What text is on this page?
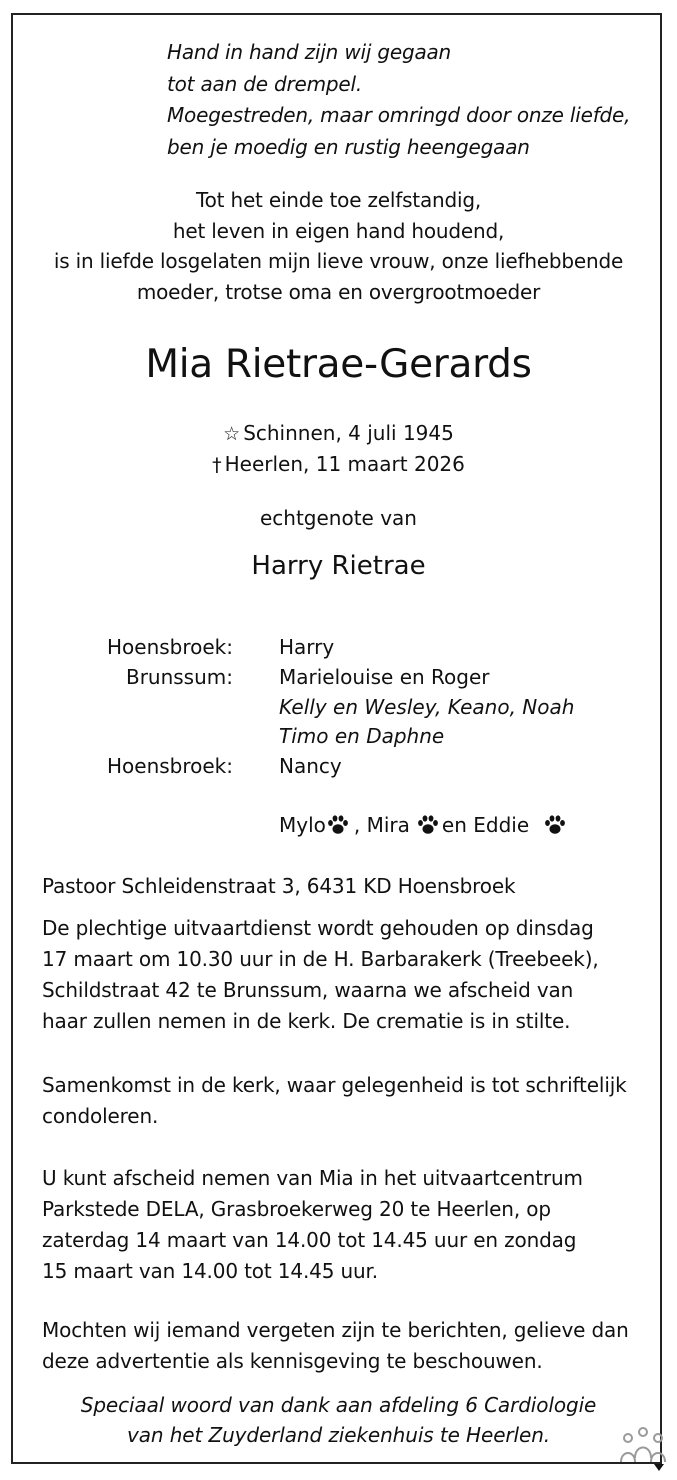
Hand in hand zijn wij gegaan
tot aan de drempel.
Moegestreden, maar omringd door onze liefde,
ben je moedig en rustig heengegaan
Tot het einde toe zelfstandig,
het leven in eigen hand houdend,
is in liefde losgelaten mijn lieve vrouw, onze liefhebbende
moeder, trotse oma en overgrootmoeder
Mia Rietrae-Gerards
☆ Schinnen, 4 juli 1945
† Heerlen, 11 maart 2026
echtgenote van
Harry Rietrae
Hoensbroek: Harry
Brunssum: Marielouise en Roger
Kelly en Wesley, Keano, Noah
Timo en Daphne
Hoensbroek: Nancy
Mylo , Mira en Eddie
Pastoor Schleidenstraat 3, 6431 KD Hoensbroek
De plechtige uitvaartdienst wordt gehouden op dinsdag
17 maart om 10.30 uur in de H. Barbarakerk (Treebeek),
Schildstraat 42 te Brunssum, waarna we afscheid van
haar zullen nemen in de kerk. De crematie is in stilte.
Samenkomst in de kerk, waar gelegenheid is tot schriftelijk
condoleren.
U kunt afscheid nemen van Mia in het uitvaartcentrum
Parkstede DELA, Grasbroekerweg 20 te Heerlen, op
zaterdag 14 maart van 14.00 tot 14.45 uur en zondag
15 maart van 14.00 tot 14.45 uur.
Mochten wij iemand vergeten zijn te berichten, gelieve dan
deze advertentie als kennisgeving te beschouwen.
Speciaal woord van dank aan afdeling 6 Cardiologie
van het Zuyderland ziekenhuis te Heerlen.
